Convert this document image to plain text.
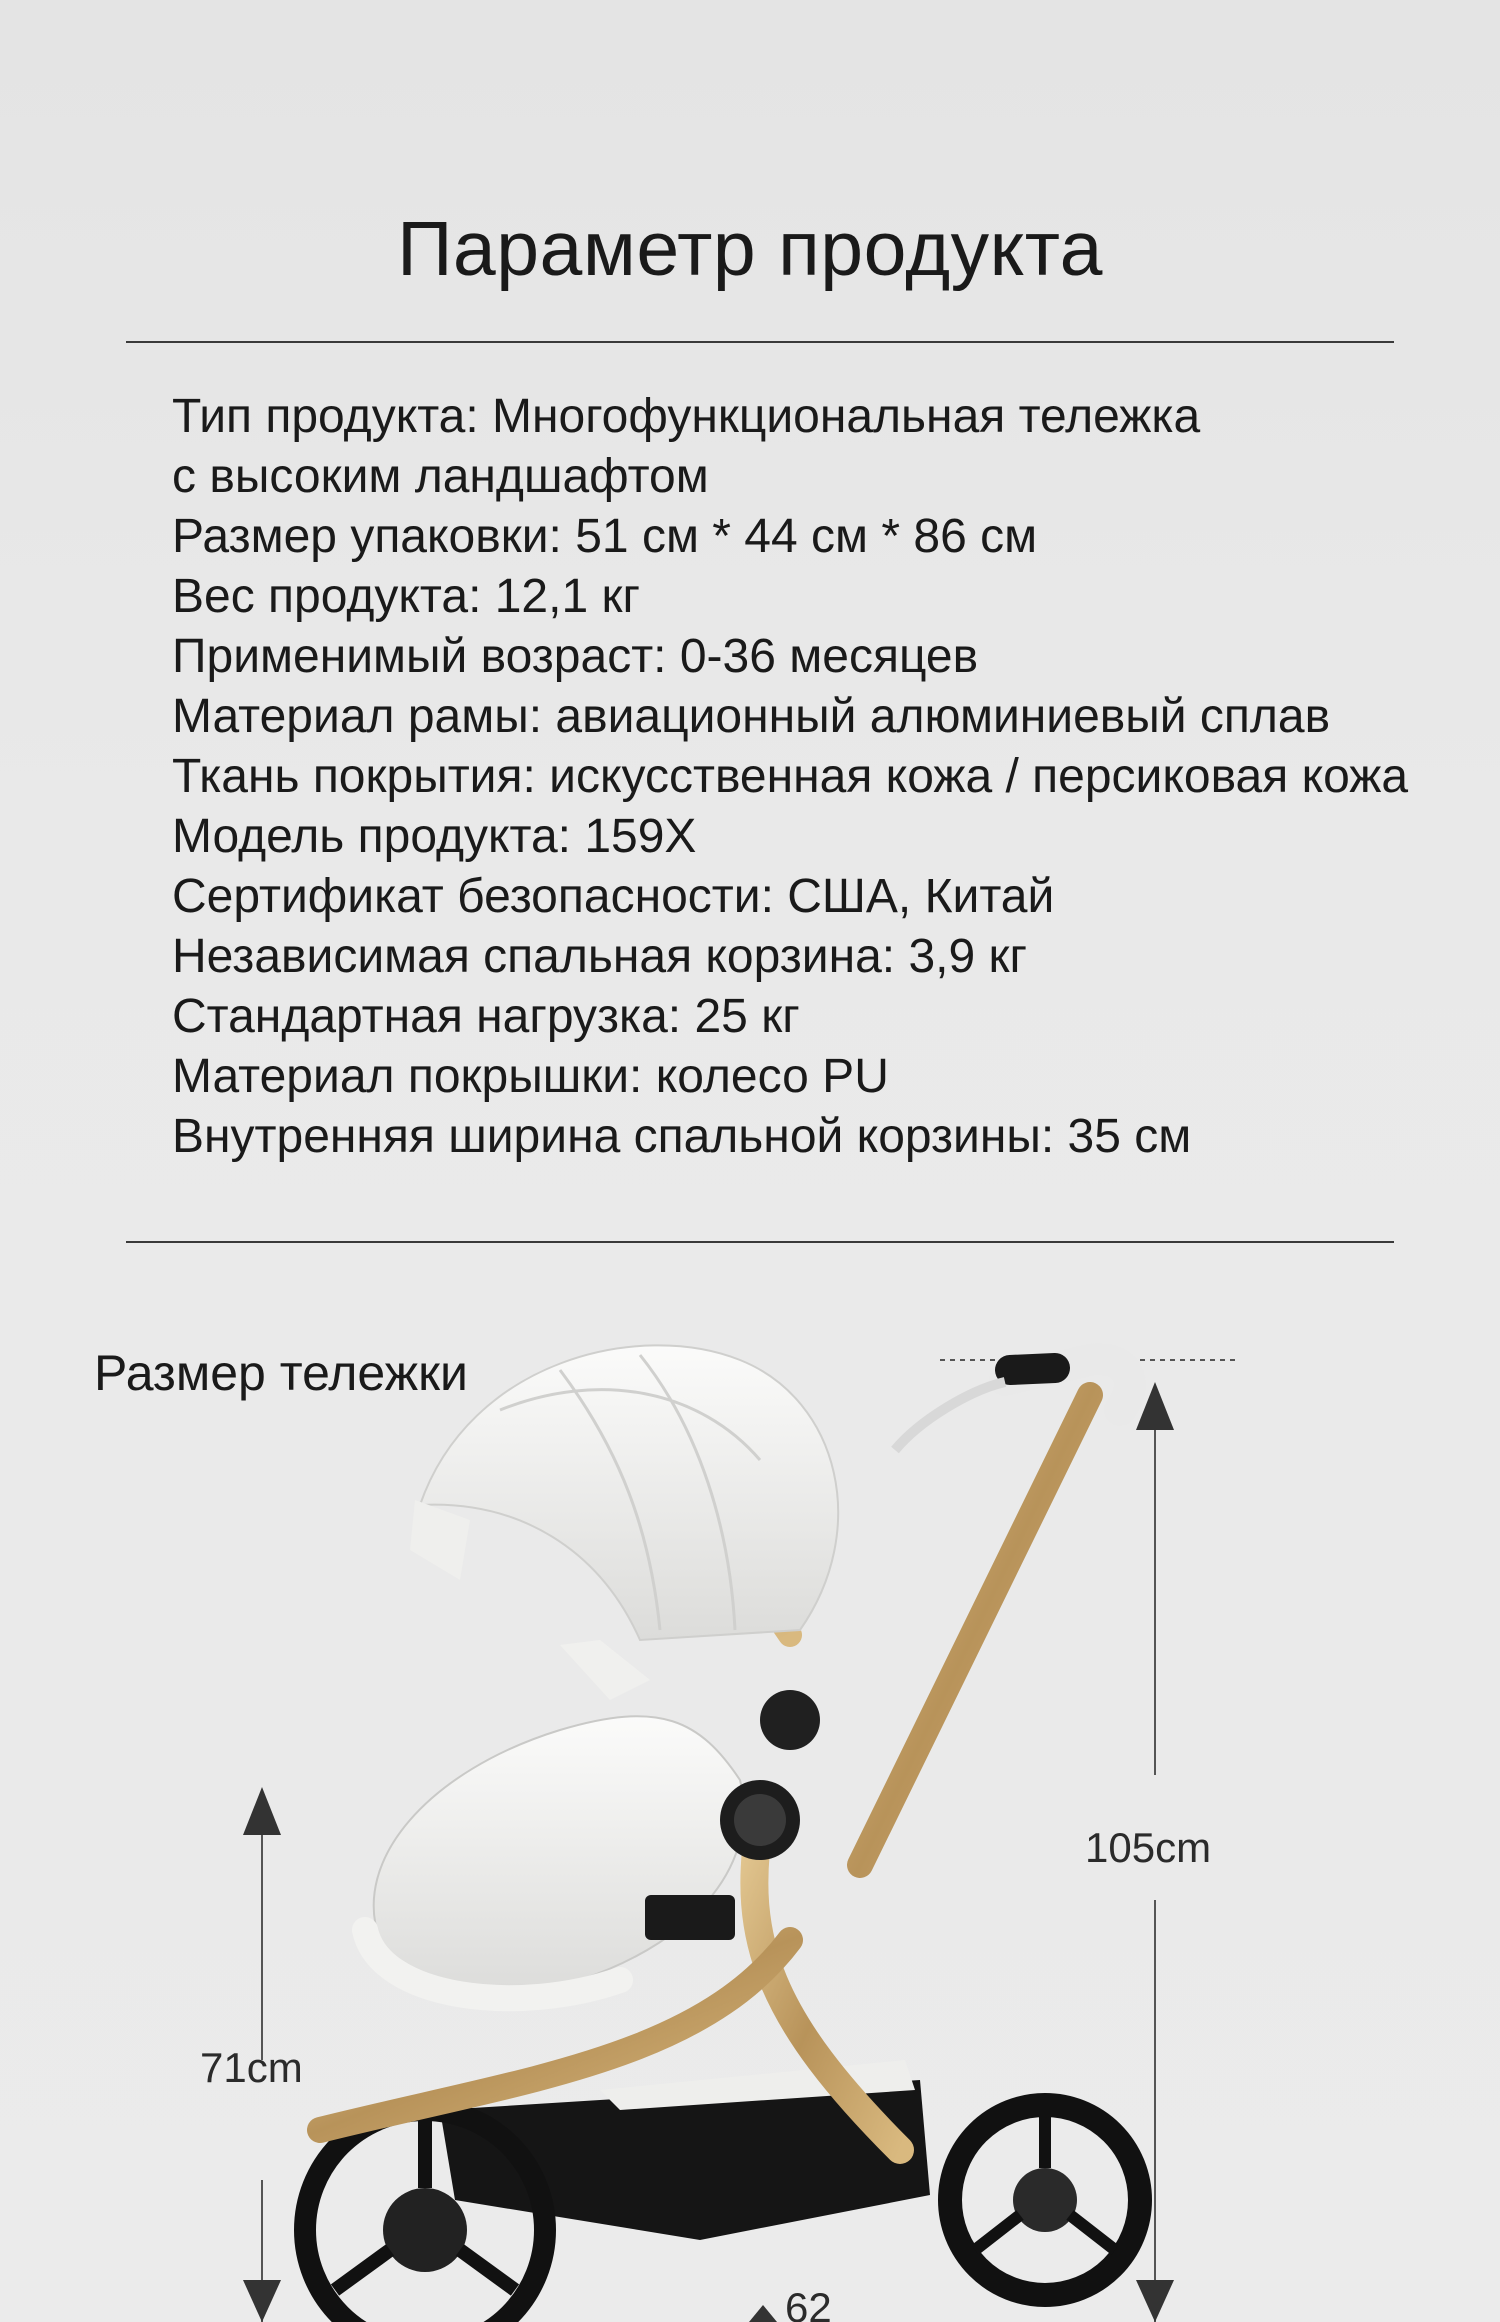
Параметр продукта
Тип продукта: Многофункциональная тележка
с высоким ландшафтом
Размер упаковки: 51 см * 44 см * 86 см
Вес продукта: 12,1 кг
Применимый возраст: 0-36 месяцев
Материал рамы: авиационный алюминиевый сплав
Ткань покрытия: искусственная кожа / персиковая кожа
Модель продукта: 159X
Сертификат безопасности: США, Китай
Независимая спальная корзина: 3,9 кг
Стандартная нагрузка: 25 кг
Материал покрышки: колесо PU
Внутренняя ширина спальной корзины: 35 см
Размер тележки
105cm
71cm
62
